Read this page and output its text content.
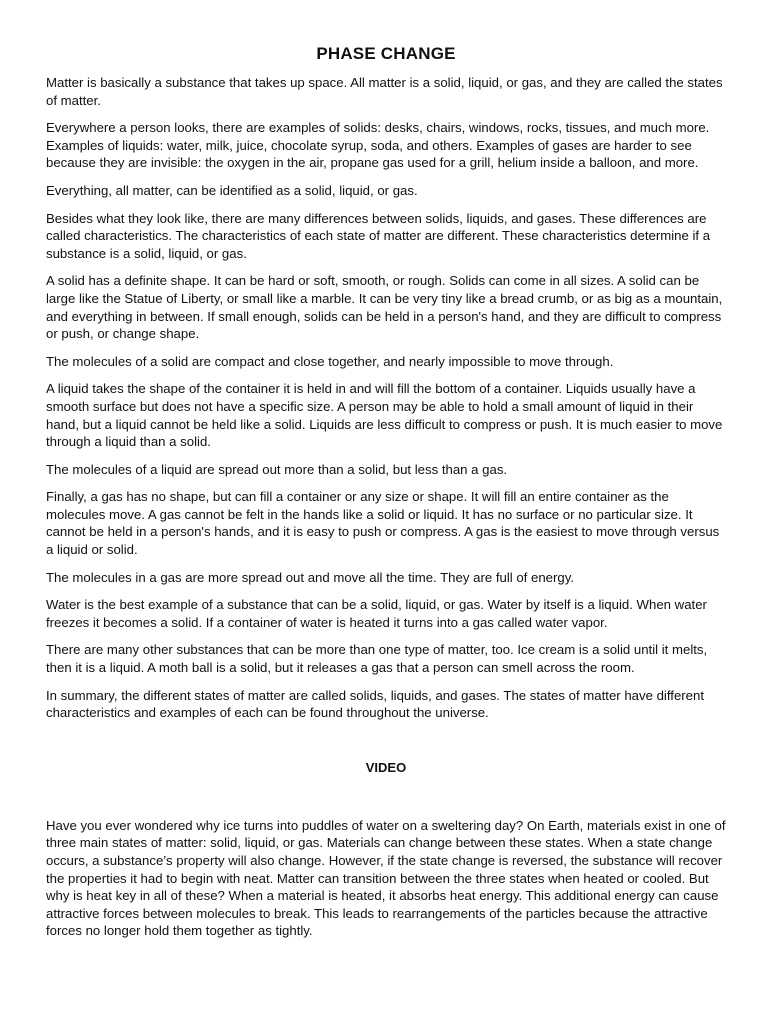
PHASE CHANGE

Matter is basically a substance that takes up space. All matter is a solid, liquid, or gas, and they are called the states of matter.

Everywhere a person looks, there are examples of solids: desks, chairs, windows, rocks, tissues, and much more. Examples of liquids: water, milk, juice, chocolate syrup, soda, and others. Examples of gases are harder to see because they are invisible: the oxygen in the air, propane gas used for a grill, helium inside a balloon, and more.

Everything, all matter, can be identified as a solid, liquid, or gas.

Besides what they look like, there are many differences between solids, liquids, and gases. These differences are called characteristics. The characteristics of each state of matter are different. These characteristics determine if a substance is a solid, liquid, or gas.

A solid has a definite shape. It can be hard or soft, smooth, or rough. Solids can come in all sizes. A solid can be large like the Statue of Liberty, or small like a marble. It can be very tiny like a bread crumb, or as big as a mountain, and everything in between. If small enough, solids can be held in a person's hand, and they are difficult to compress or push, or change shape.

The molecules of a solid are compact and close together, and nearly impossible to move through.

A liquid takes the shape of the container it is held in and will fill the bottom of a container. Liquids usually have a smooth surface but does not have a specific size. A person may be able to hold a small amount of liquid in their hand, but a liquid cannot be held like a solid. Liquids are less difficult to compress or push. It is much easier to move through a liquid than a solid.

The molecules of a liquid are spread out more than a solid, but less than a gas.

Finally, a gas has no shape, but can fill a container or any size or shape. It will fill an entire container as the molecules move. A gas cannot be felt in the hands like a solid or liquid. It has no surface or no particular size. It cannot be held in a person's hands, and it is easy to push or compress. A gas is the easiest to move through versus a liquid or solid.

The molecules in a gas are more spread out and move all the time. They are full of energy.

Water is the best example of a substance that can be a solid, liquid, or gas. Water by itself is a liquid. When water freezes it becomes a solid. If a container of water is heated it turns into a gas called water vapor.

There are many other substances that can be more than one type of matter, too. Ice cream is a solid until it melts, then it is a liquid. A moth ball is a solid, but it releases a gas that a person can smell across the room.

In summary, the different states of matter are called solids, liquids, and gases. The states of matter have different characteristics and examples of each can be found throughout the universe.

VIDEO

Have you ever wondered why ice turns into puddles of water on a sweltering day? On Earth, materials exist in one of three main states of matter: solid, liquid, or gas. Materials can change between these states. When a state change occurs, a substance’s property will also change. However, if the state change is reversed, the substance will recover the properties it had to begin with neat. Matter can transition between the three states when heated or cooled. But why is heat key in all of these? When a material is heated, it absorbs heat energy. This additional energy can cause attractive forces between molecules to break. This leads to rearrangements of the particles because the attractive forces no longer hold them together as tightly.
